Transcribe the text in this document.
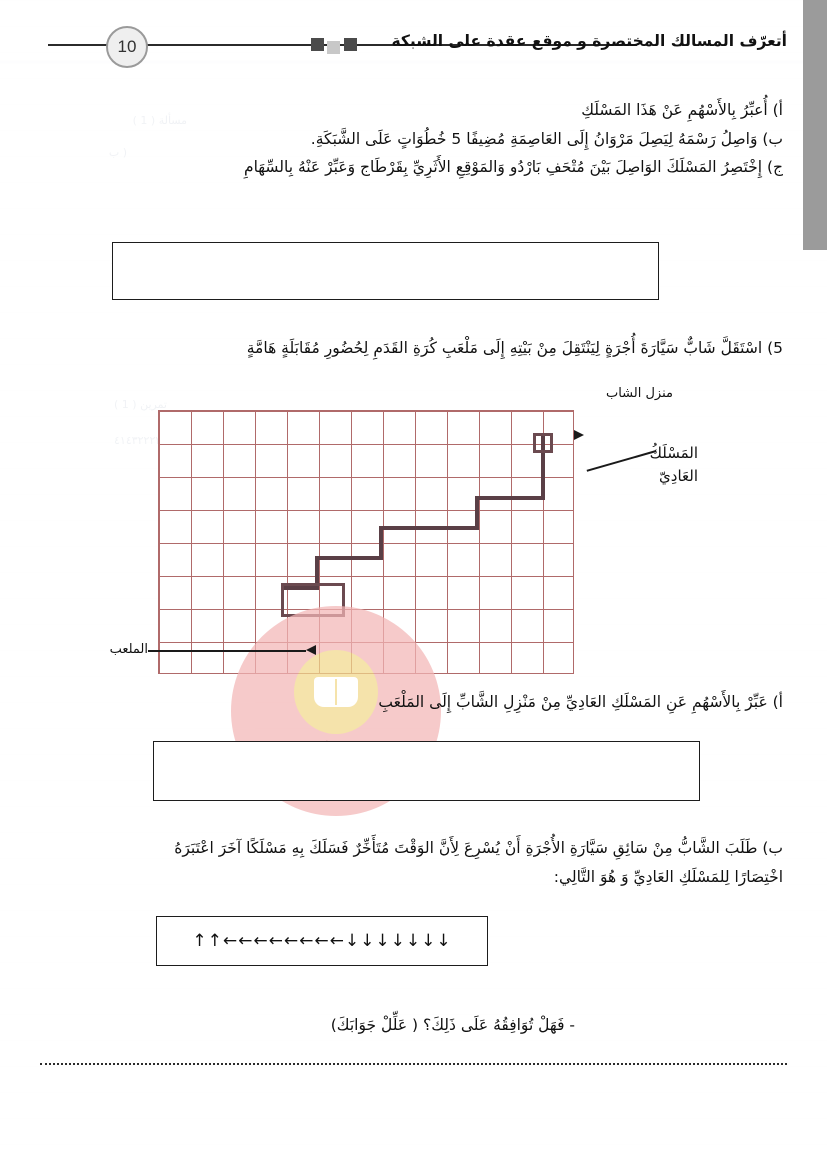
مسألة ( 1 )
( ب
تمرين ( 1 )
٤١٤٣٢٢٢٣٣٤٤
10	أتعرّف المسالك المختصرة و موقع عقدة على الشبكة
أ) أُعبِّرُ بِالأَسْهُمِ عَنْ هَذَا المَسْلَكِ
ب) وَاصِلُ رَسْمَهُ لِيَصِلَ مَرْوَانُ إِلَى العَاصِمَةِ مُضِيفًا 5 خُطُوَاتٍ عَلَى الشَّبَكَةِ.
ج) إِخْتَصِرُ المَسْلَكَ الوَاصِلَ بَيْنَ مُتْحَفِ بَارْدُو وَالمَوْقِعِ الأَثَرِيِّ بِقَرْطَاج وَعَبِّرْ عَنْهُ بِالسِّهَامِ
5) اسْتَقَلَّ شَابٌّ سَيَّارَةَ أُجْرَةٍ لِيَنْتَقِلَ مِنْ بَيْتِهِ إِلَى مَلْعَبِ كُرَةِ القَدَمِ لِحُضُورِ مُقَابَلَةٍ هَامَّةٍ
منزل الشاب
المَسْلَكُ
العَادِيّ
الملعب
أ) عَبِّرْ بِالأَسْهُمِ عَنِ المَسْلَكِ العَادِيِّ مِنْ مَنْزِلِ الشَّابِّ إِلَى المَلْعَبِ
ب) طَلَبَ الشَّابُّ مِنْ سَائِقِ سَيَّارَةِ الأُجْرَةِ أَنْ يُسْرِعَ لِأَنَّ الوَقْتَ مُتَأَخِّرٌ فَسَلَكَ بِهِ مَسْلَكًا آخَرَ اعْتَبَرَهُ
اخْتِصَارًا لِلمَسْلَكِ العَادِيِّ وَ هُوَ التَّالِي:
↑↑←←←←←←←←↓↓↓↓↓↓↓
- فَهَلْ تُوَافِقُهُ عَلَى ذَلِكَ؟ ( عَلِّلْ جَوَابَكَ)
